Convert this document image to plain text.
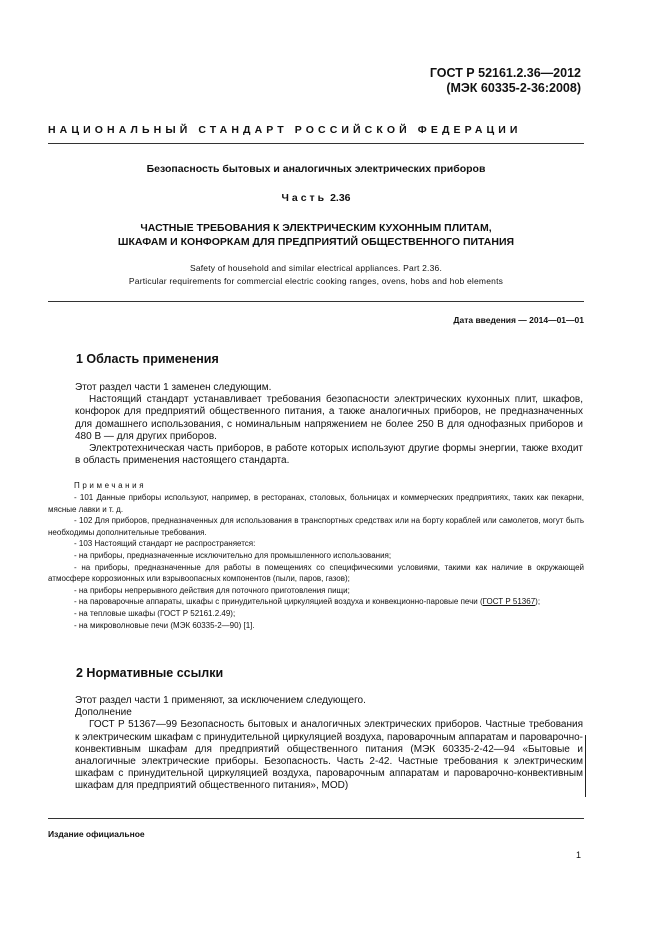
ГОСТ Р 52161.2.36—2012
(МЭК 60335-2-36:2008)
НАЦИОНАЛЬНЫЙ СТАНДАРТ РОССИЙСКОЙ ФЕДЕРАЦИИ
Безопасность бытовых и аналогичных электрических приборов
Часть 2.36
ЧАСТНЫЕ ТРЕБОВАНИЯ К ЭЛЕКТРИЧЕСКИМ КУХОННЫМ ПЛИТАМ,
ШКАФАМ И КОНФОРКАМ ДЛЯ ПРЕДПРИЯТИЙ ОБЩЕСТВЕННОГО ПИТАНИЯ
Safety of household and similar electrical appliances. Part 2.36.
Particular requirements for commercial electric cooking ranges, ovens, hobs and hob elements
Дата введения — 2014—01—01
1 Область применения

Этот раздел части 1 заменен следующим.

Настоящий стандарт устанавливает требования безопасности электрических кухонных плит, шкафов, конфорок для предприятий общественного питания, а также аналогичных приборов, не предназначенных для домашнего использования, с номинальным напряжением не более 250 В для однофазных приборов и 480 В — для других приборов.

Электротехническая часть приборов, в работе которых используют другие формы энергии, также входит в область применения настоящего стандарта.

Примечания

- 101 Данные приборы используют, например, в ресторанах, столовых, больницах и коммерческих предприятиях, таких как пекарни, мясные лавки и т. д.

- 102 Для приборов, предназначенных для использования в транспортных средствах или на борту кораблей или самолетов, могут быть необходимы дополнительные требования.

- 103 Настоящий стандарт не распространяется:

- на приборы, предназначенные исключительно для промышленного использования;

- на приборы, предназначенные для работы в помещениях со специфическими условиями, такими как наличие в окружающей атмосфере коррозионных или взрывоопасных компонентов (пыли, паров, газов);

- на приборы непрерывного действия для поточного приготовления пищи;

- на пароварочные аппараты, шкафы с принудительной циркуляцией воздуха и конвекционно-паровые печи (ГОСТ Р 51367);

- на тепловые шкафы (ГОСТ Р 52161.2.49);

- на микроволновые печи (МЭК 60335-2—90) [1].

2 Нормативные ссылки

Этот раздел части 1 применяют, за исключением следующего.

Дополнение

ГОСТ Р 51367—99 Безопасность бытовых и аналогичных электрических приборов. Частные требования к электрическим шкафам с принудительной циркуляцией воздуха, пароварочным аппаратам и пароварочно-конвективным шкафам для предприятий общественного питания (МЭК 60335-2-42—94 «Бытовые и аналогичные электрические приборы. Безопасность. Часть 2-42. Частные требования к электрическим шкафам с принудительной циркуляцией воздуха, пароварочным аппаратам и пароварочно-конвективным шкафам для предприятий общественного питания», MOD)

Издание официальное
1
